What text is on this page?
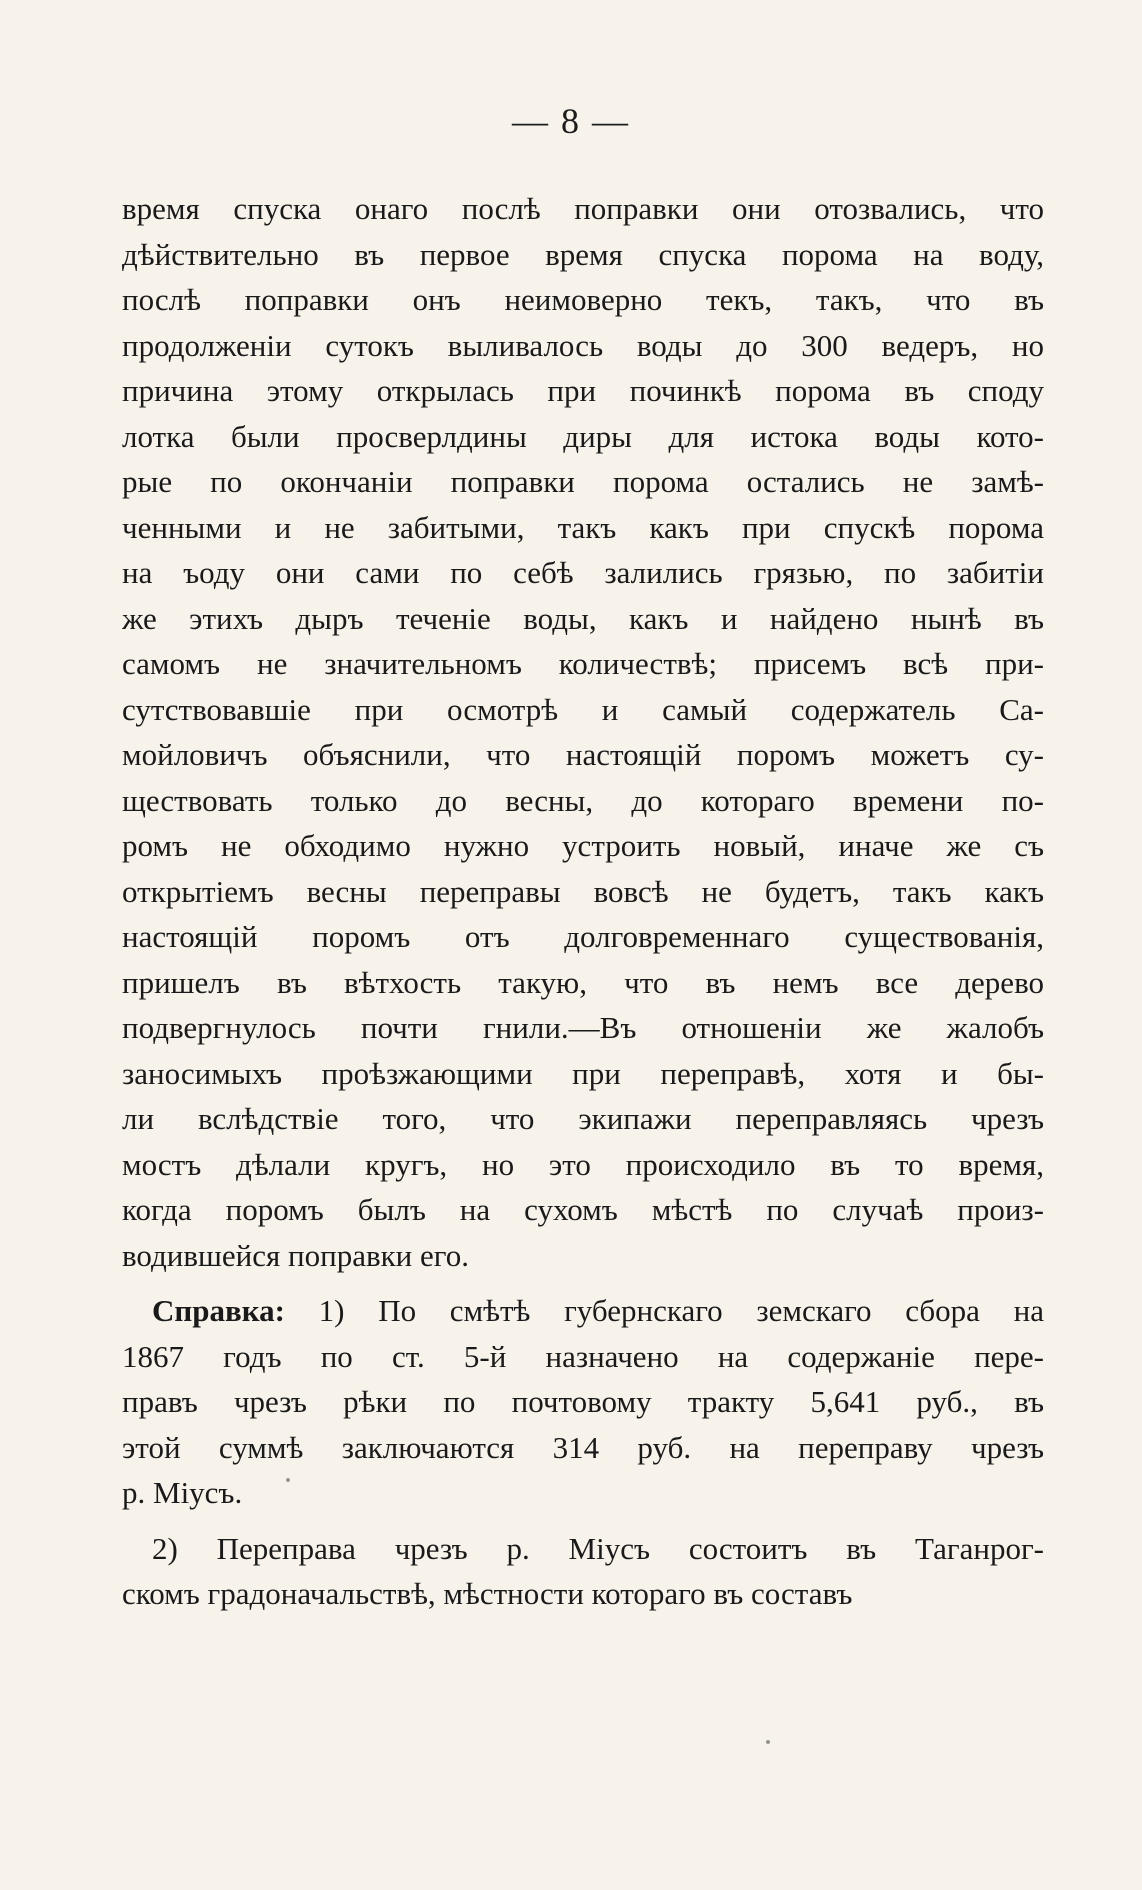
— 8 —
время спуска онаго послѣ поправки они отозвались, что
дѣйствительно въ первое время спуска порома на воду,
послѣ поправки онъ неимоверно текъ, такъ, что въ
продолженiи сутокъ выливалось воды до 300 ведеръ, но
причина этому открылась при починкѣ порома въ споду
лотка были просверлдины диры для истока воды кото-
рые по окончанiи поправки порома остались не замѣ-
ченными и не забитыми, такъ какъ при спускѣ порома
на ъоду они сами по себѣ залились грязью, по забитiи
же этихъ дыръ теченiе воды, какъ и найдено нынѣ въ
самомъ не значительномъ количествѣ; присемъ всѣ при-
сутствовавшiе при осмотрѣ и самый содержатель Са-
мойловичъ объяснили, что настоящiй поромъ можетъ су-
ществовать только до весны, до котораго времени по-
ромъ не обходимо нужно устроить новый, иначе же съ
открытiемъ весны переправы вовсѣ не будетъ, такъ какъ
настоящiй поромъ отъ долговременнаго существованiя,
пришелъ въ вѣтхость такую, что въ немъ все дерево
подвергнулось почти гнили.—Въ отношенiи же жалобъ
заносимыхъ проѣзжающими при переправѣ, хотя и бы-
ли вслѣдствiе того, что экипажи переправляясь чрезъ
мостъ дѣлали кругъ, но это происходило въ то время,
когда поромъ былъ на сухомъ мѣстѣ по случаѣ произ-
водившейся поправки его.
Справка: 1) По смѣтѣ губернскаго земскаго сбора на
1867 годъ по ст. 5-й назначено на содержанiе пере-
правъ чрезъ рѣки по почтовому тракту 5,641 руб., въ
этой суммѣ заключаются 314 руб. на переправу чрезъ
р. Мiусъ.
2) Переправа чрезъ р. Мiусъ состоитъ въ Таганрог-
скомъ градоначальствѣ, мѣстности котораго въ составъ
